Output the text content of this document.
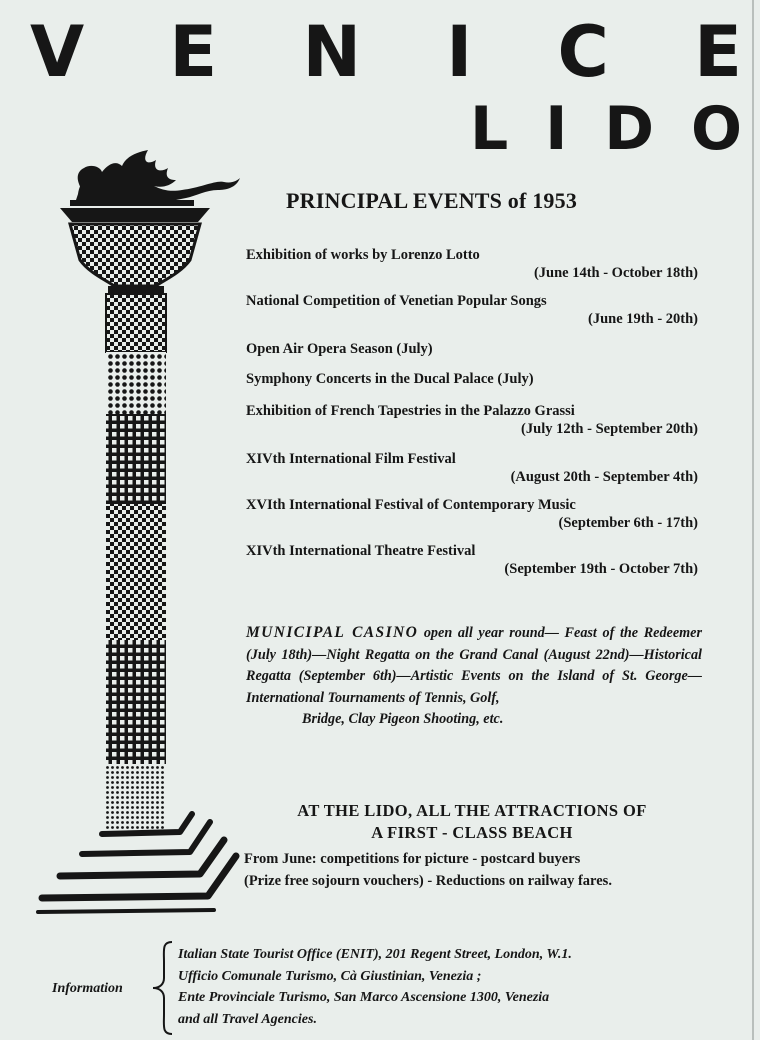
V E N I C E
L I D O
PRINCIPAL EVENTS of 1953

Exhibition of works by Lorenzo Lotto
(June 14th - October 18th)

National Competition of Venetian Popular Songs
(June 19th - 20th)

Open Air Opera Season (July)

Symphony Concerts in the Ducal Palace (July)

Exhibition of French Tapestries in the Palazzo Grassi
(July 12th - September 20th)

XIVth International Film Festival
(August 20th - September 4th)

XVIth International Festival of Contemporary Music
(September 6th - 17th)

XIVth International Theatre Festival
(September 19th - October 7th)

MUNICIPAL CASINO open all year round— Feast of the Redeemer (July 18th)—Night Regatta on the Grand Canal (August 22nd)—Historical Regatta (September 6th)—Artistic Events on the Island of St. George—International Tournaments of Tennis, Golf,
Bridge, Clay Pigeon Shooting, etc.
AT THE LIDO, ALL THE ATTRACTIONS OF
A FIRST - CLASS BEACH
From June: competitions for picture - postcard buyers
(Prize free sojourn vouchers) - Reductions on railway fares.
Information
Italian State Tourist Office (ENIT), 201 Regent Street, London, W.1.
Ufficio Comunale Turismo, Cà Giustinian, Venezia ;
Ente Provinciale Turismo, San Marco Ascensione 1300, Venezia
and all Travel Agencies.
